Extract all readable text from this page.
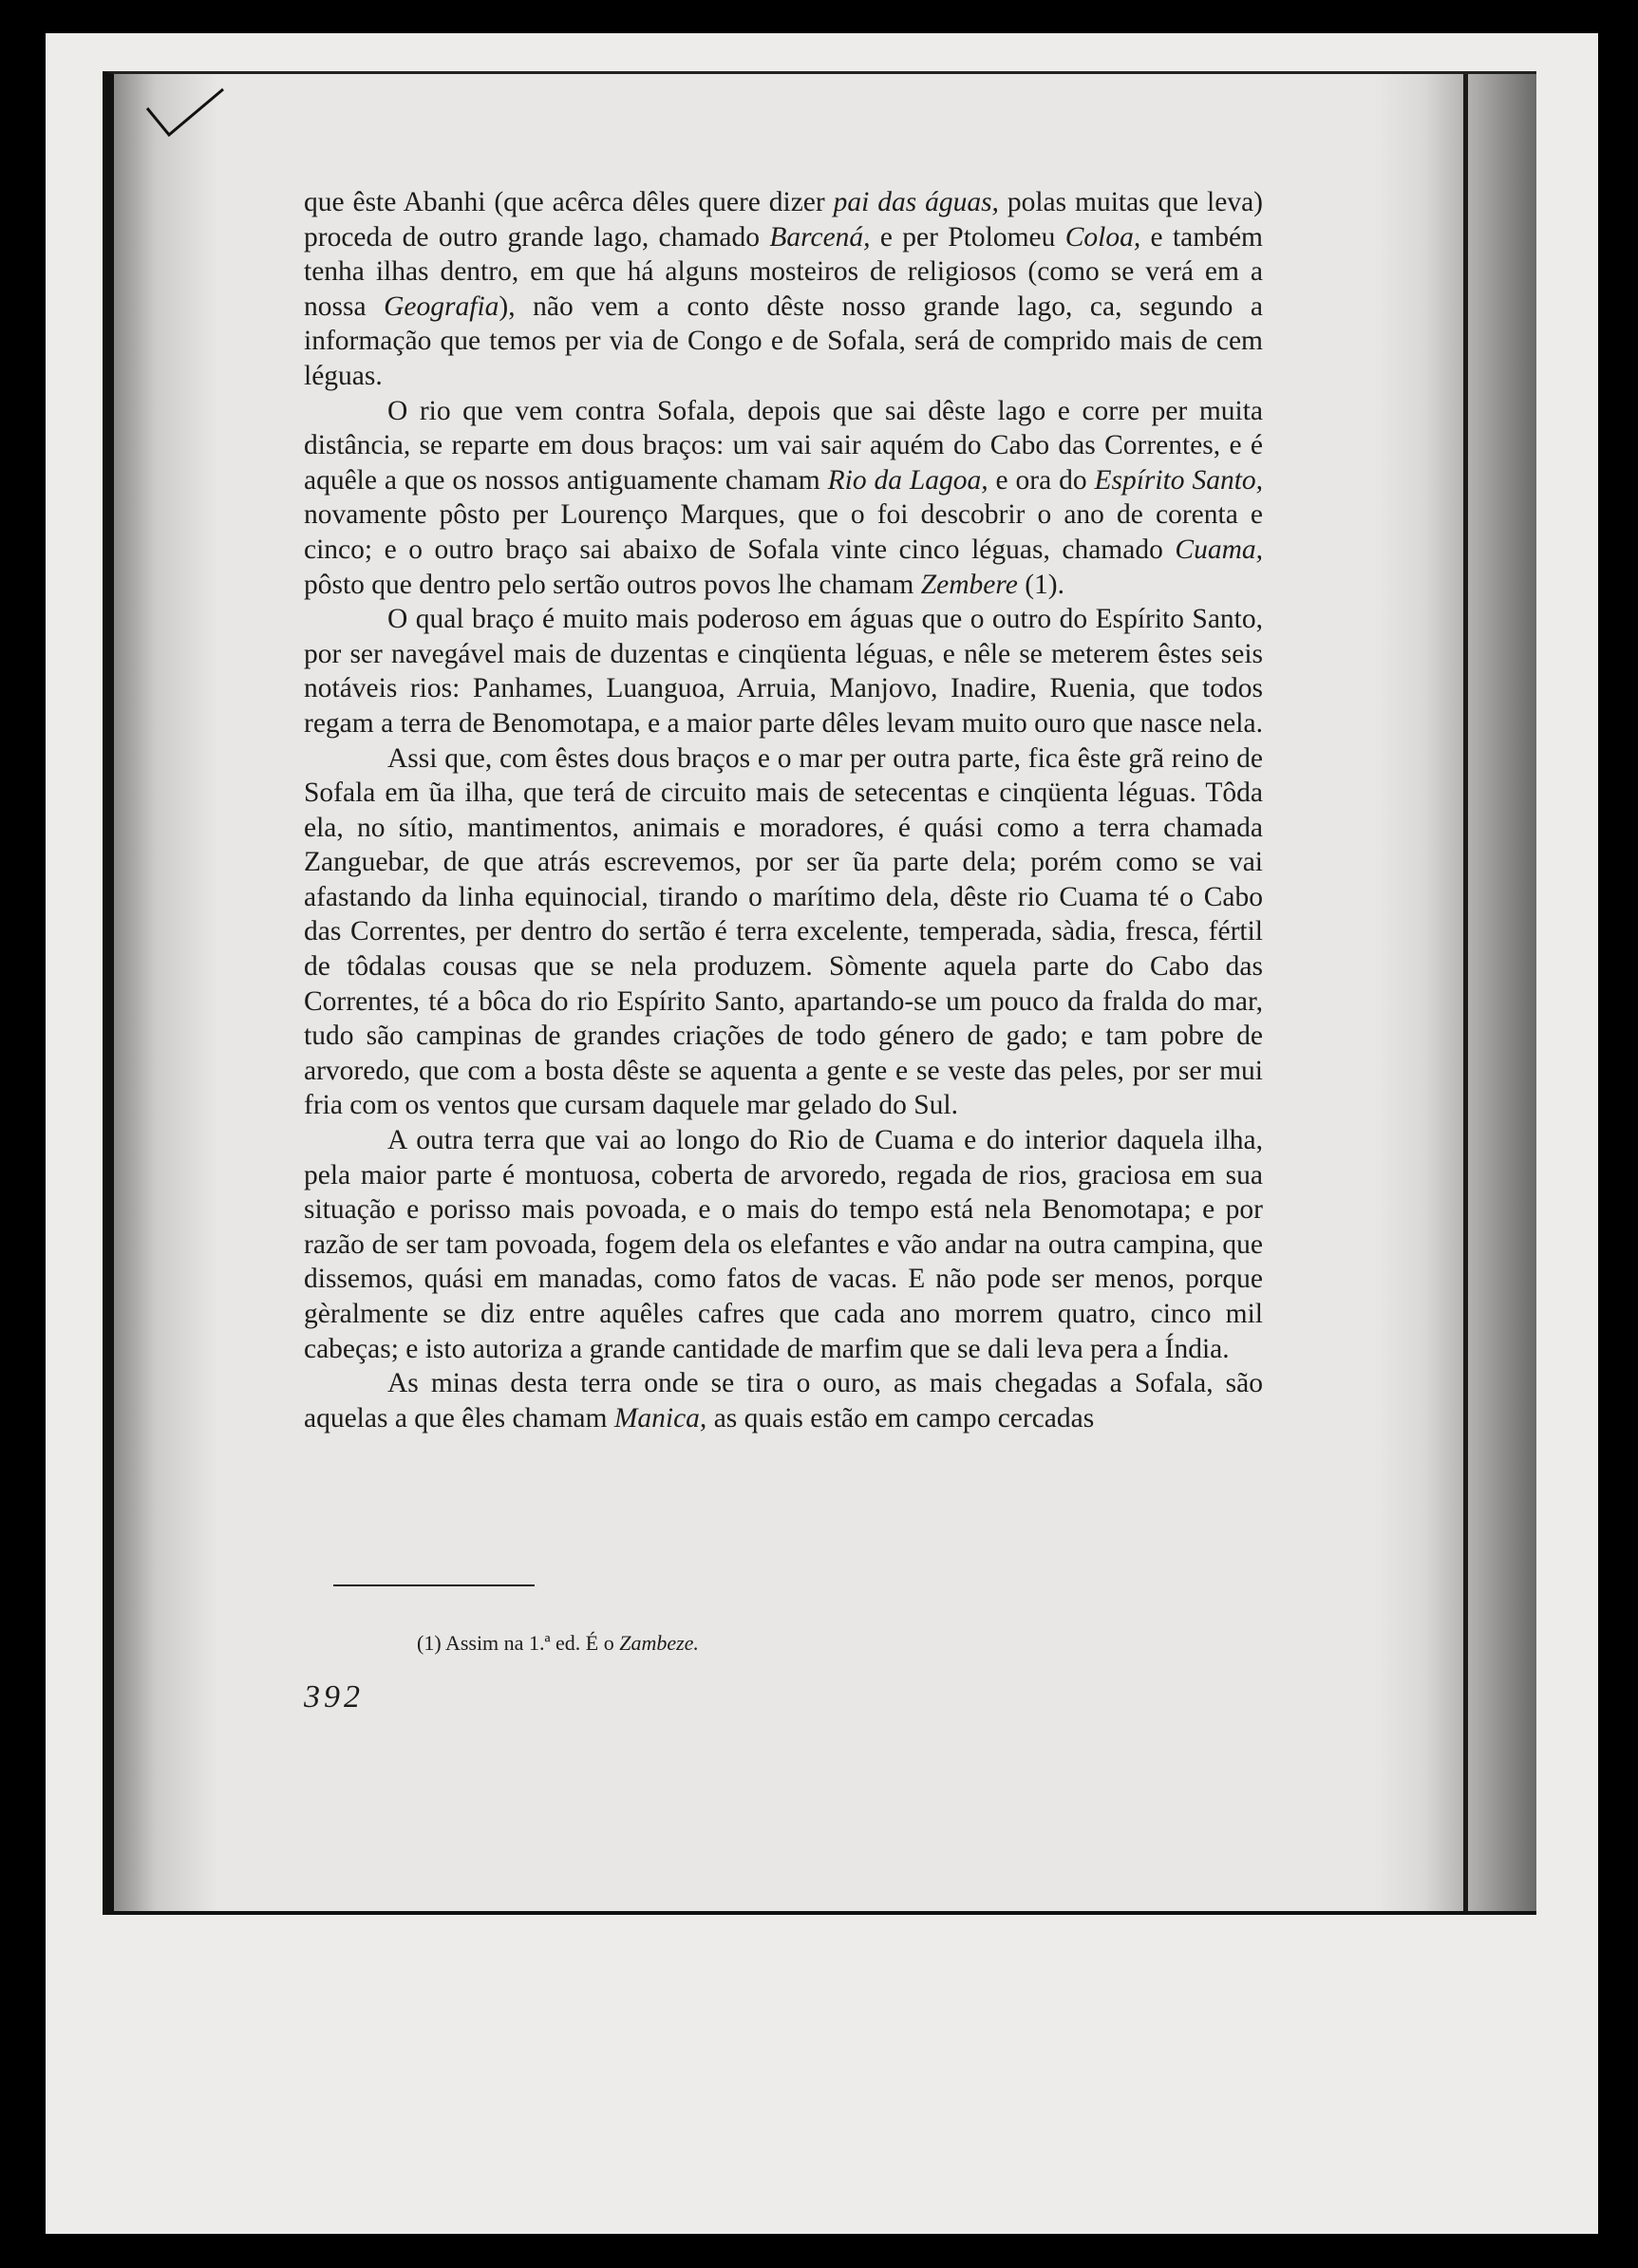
que êste Abanhi (que acêrca dêles quere dizer pai das águas, polas muitas que leva) proceda de outro grande lago, chamado Barcená, e per Ptolomeu Coloa, e também tenha ilhas dentro, em que há alguns mosteiros de religiosos (como se verá em a nossa Geografia), não vem a conto dêste nosso grande lago, ca, segundo a informação que temos per via de Congo e de Sofala, será de comprido mais de cem léguas.

O rio que vem contra Sofala, depois que sai dêste lago e corre per muita distância, se reparte em dous braços: um vai sair aquém do Cabo das Correntes, e é aquêle a que os nossos antiguamente chamam Rio da Lagoa, e ora do Espírito Santo, novamente pôsto per Lourenço Marques, que o foi descobrir o ano de corenta e cinco; e o outro braço sai abaixo de Sofala vinte cinco léguas, chamado Cuama, pôsto que dentro pelo sertão outros povos lhe chamam Zembere (1).

O qual braço é muito mais poderoso em águas que o outro do Espírito Santo, por ser navegável mais de duzentas e cinqüenta léguas, e nêle se meterem êstes seis notáveis rios: Panhames, Luanguoa, Arruia, Manjovo, Inadire, Ruenia, que todos regam a terra de Benomotapa, e a maior parte dêles levam muito ouro que nasce nela.

Assi que, com êstes dous braços e o mar per outra parte, fica êste grã reino de Sofala em ũa ilha, que terá de circuito mais de setecentas e cinqüenta léguas. Tôda ela, no sítio, mantimentos, animais e moradores, é quási como a terra chamada Zanguebar, de que atrás escrevemos, por ser ũa parte dela; porém como se vai afastando da linha equinocial, tirando o marítimo dela, dêste rio Cuama té o Cabo das Correntes, per dentro do sertão é terra excelente, temperada, sàdia, fresca, fértil de tôdalas cousas que se nela produzem. Sòmente aquela parte do Cabo das Correntes, té a bôca do rio Espírito Santo, apartando-se um pouco da fralda do mar, tudo são campinas de grandes criações de todo género de gado; e tam pobre de arvoredo, que com a bosta dêste se aquenta a gente e se veste das peles, por ser mui fria com os ventos que cursam daquele mar gelado do Sul.

A outra terra que vai ao longo do Rio de Cuama e do interior daquela ilha, pela maior parte é montuosa, coberta de arvoredo, regada de rios, graciosa em sua situação e porisso mais povoada, e o mais do tempo está nela Benomotapa; e por razão de ser tam povoada, fogem dela os elefantes e vão andar na outra campina, que dissemos, quási em manadas, como fatos de vacas. E não pode ser menos, porque gèralmente se diz entre aquêles cafres que cada ano morrem quatro, cinco mil cabeças; e isto autoriza a grande cantidade de marfim que se dali leva pera a Índia.

As minas desta terra onde se tira o ouro, as mais chegadas a Sofala, são aquelas a que êles chamam Manica, as quais estão em campo cercadas

(1) Assim na 1.ª ed. É o Zambeze.
392
